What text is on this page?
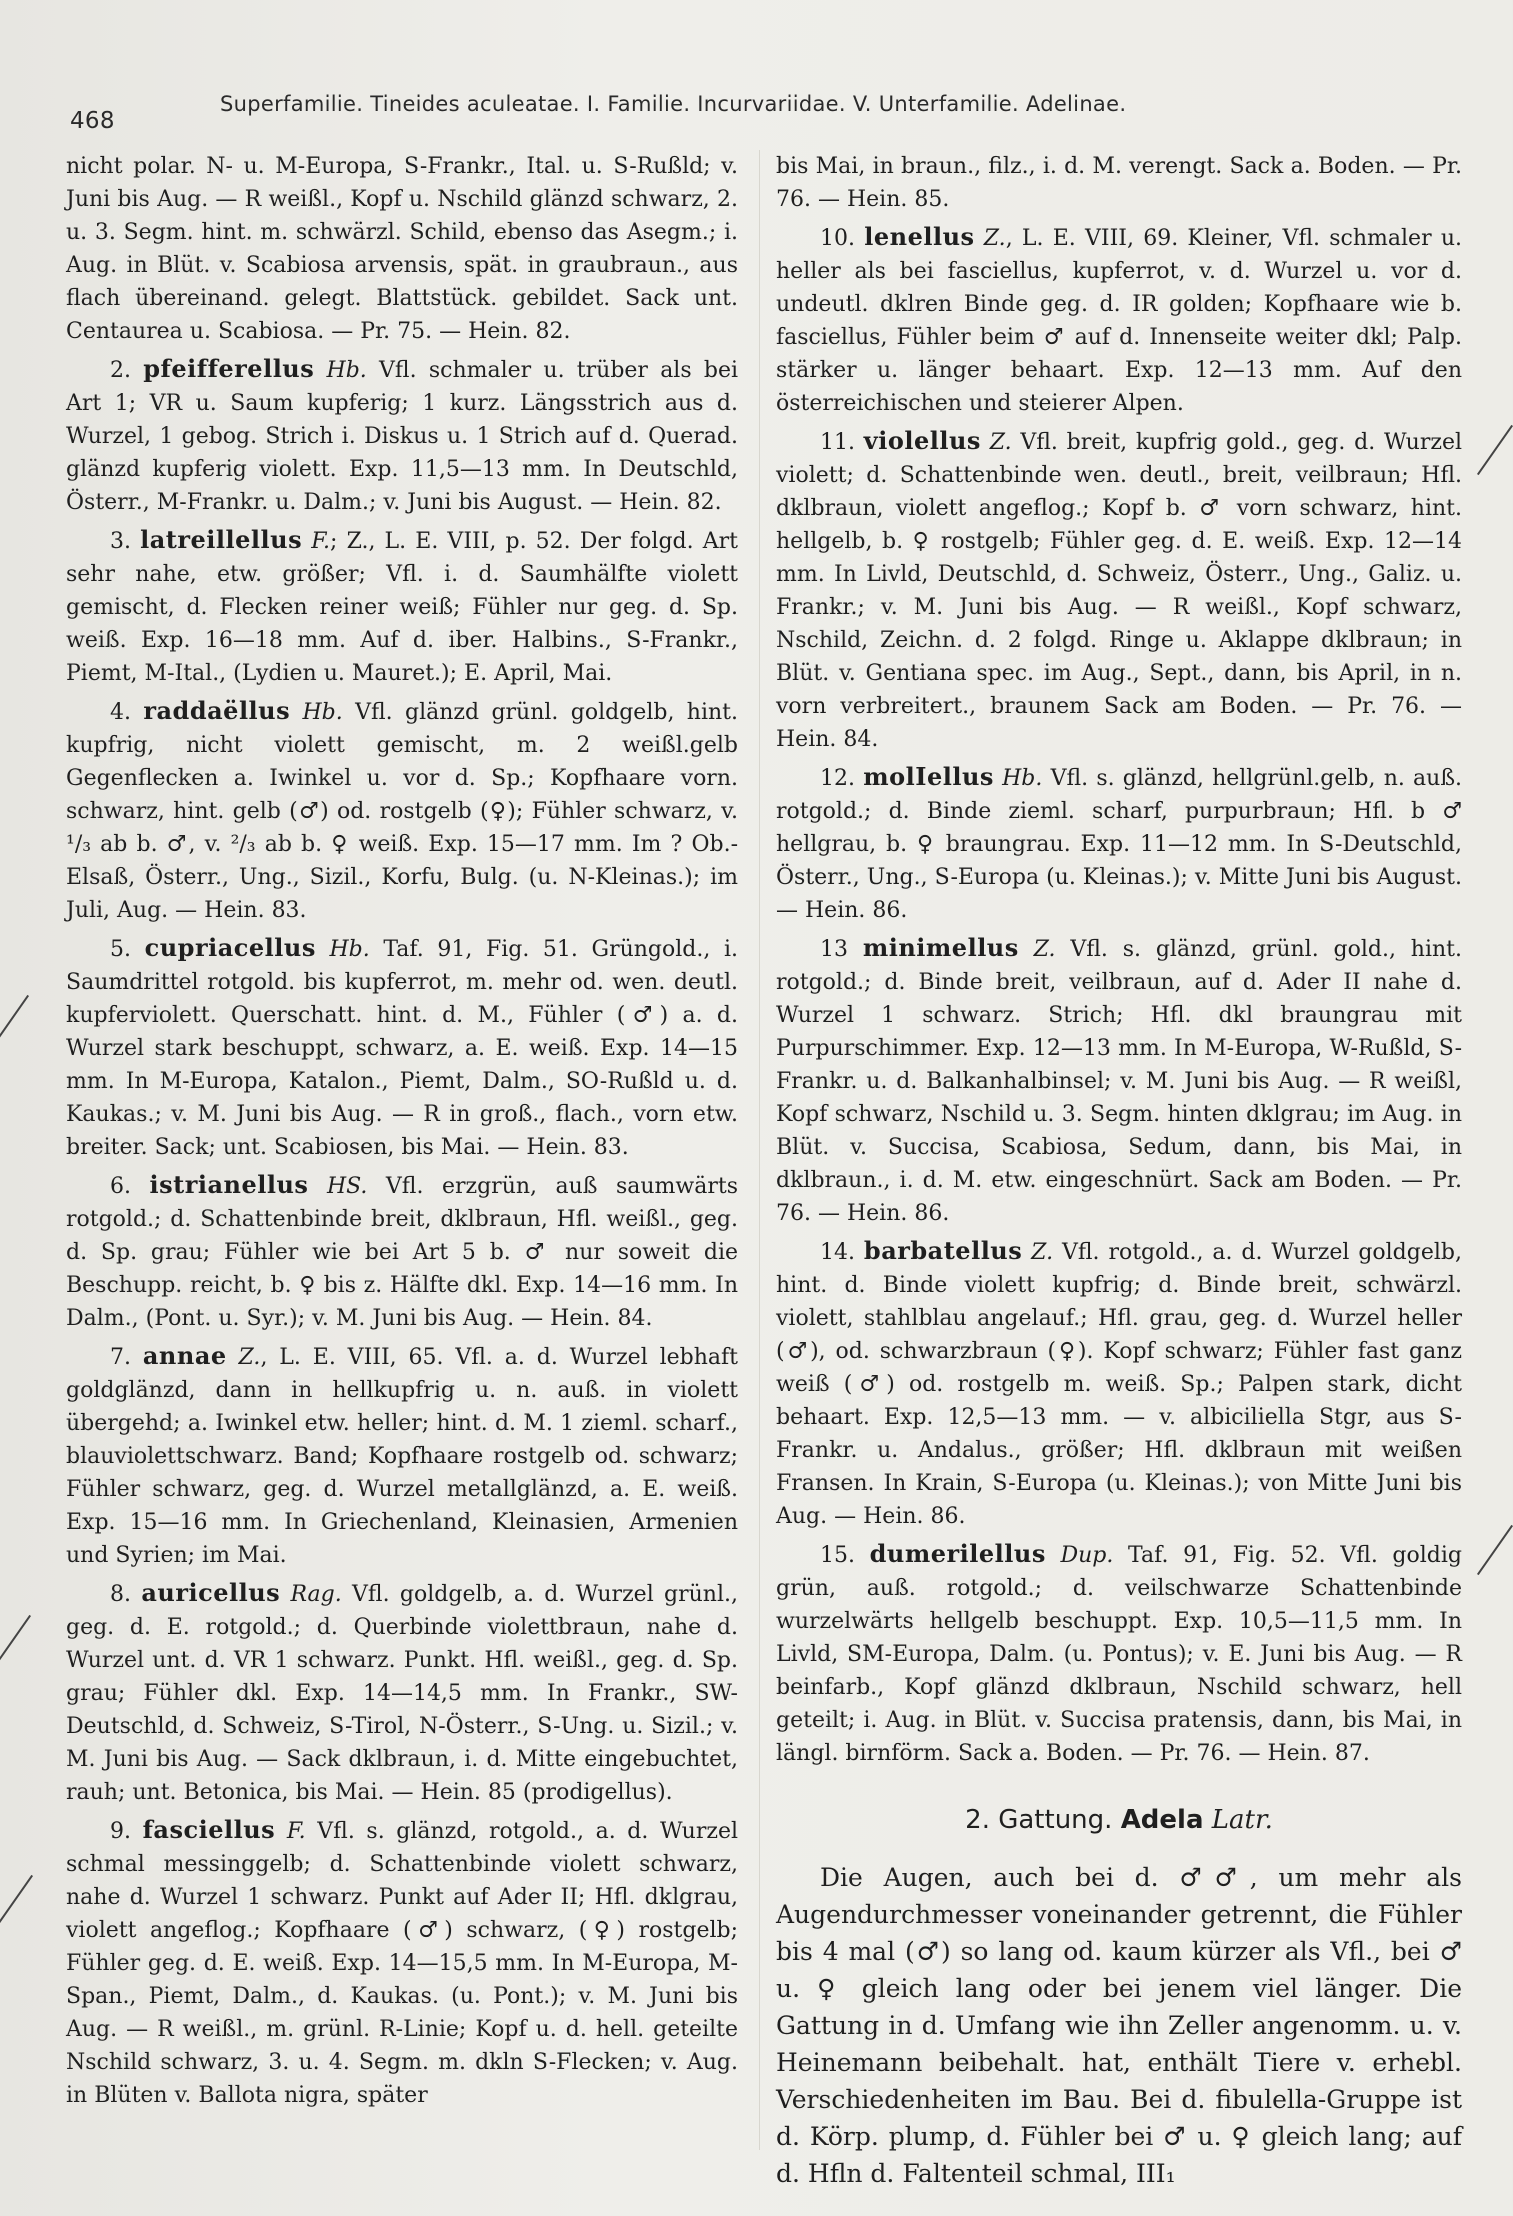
468
Superfamilie. Tineides aculeatae. I. Familie. Incurvariidae. V. Unterfamilie. Adelinae.

nicht polar. N- u. M-Europa, S-Frankr., Ital. u. S-Rußld; v. Juni bis Aug. — R weißl., Kopf u. Nschild glänzd schwarz, 2. u. 3. Segm. hint. m. schwärzl. Schild, ebenso das Asegm.; i. Aug. in Blüt. v. Scabiosa arvensis, spät. in graubraun., aus flach übereinand. gelegt. Blattstück. gebildet. Sack unt. Centaurea u. Scabiosa. — Pr. 75. — Hein. 82.

2. pfeifferellus Hb. Vfl. schmaler u. trüber als bei Art 1; VR u. Saum kupferig; 1 kurz. Längsstrich aus d. Wurzel, 1 gebog. Strich i. Diskus u. 1 Strich auf d. Querad. glänzd kupferig violett. Exp. 11,5—13 mm. In Deutschld, Österr., M-Frankr. u. Dalm.; v. Juni bis August. — Hein. 82.

3. latreillellus F.; Z., L. E. VIII, p. 52. Der folgd. Art sehr nahe, etw. größer; Vfl. i. d. Saumhälfte violett gemischt, d. Flecken reiner weiß; Fühler nur geg. d. Sp. weiß. Exp. 16—18 mm. Auf d. iber. Halbins., S-Frankr., Piemt, M-Ital., (Lydien u. Mauret.); E. April, Mai.

4. raddaëllus Hb. Vfl. glänzd grünl. goldgelb, hint. kupfrig, nicht violett gemischt, m. 2 weißl.gelb Gegenflecken a. Iwinkel u. vor d. Sp.; Kopfhaare vorn. schwarz, hint. gelb (♂) od. rostgelb (♀); Fühler schwarz, v. ¹/₃ ab b. ♂, v. ²/₃ ab b. ♀ weiß. Exp. 15—17 mm. Im ? Ob.-Elsaß, Österr., Ung., Sizil., Korfu, Bulg. (u. N-Kleinas.); im Juli, Aug. — Hein. 83.

5. cupriacellus Hb. Taf. 91, Fig. 51. Grüngold., i. Saumdrittel rotgold. bis kupferrot, m. mehr od. wen. deutl. kupferviolett. Querschatt. hint. d. M., Fühler (♂) a. d. Wurzel stark beschuppt, schwarz, a. E. weiß. Exp. 14—15 mm. In M-Europa, Katalon., Piemt, Dalm., SO-Rußld u. d. Kaukas.; v. M. Juni bis Aug. — R in groß., flach., vorn etw. breiter. Sack; unt. Scabiosen, bis Mai. — Hein. 83.

6. istrianellus HS. Vfl. erzgrün, auß saumwärts rotgold.; d. Schattenbinde breit, dklbraun, Hfl. weißl., geg. d. Sp. grau; Fühler wie bei Art 5 b. ♂ nur soweit die Beschupp. reicht, b. ♀ bis z. Hälfte dkl. Exp. 14—16 mm. In Dalm., (Pont. u. Syr.); v. M. Juni bis Aug. — Hein. 84.

7. annae Z., L. E. VIII, 65. Vfl. a. d. Wurzel lebhaft goldglänzd, dann in hellkupfrig u. n. auß. in violett übergehd; a. Iwinkel etw. heller; hint. d. M. 1 zieml. scharf., blauviolettschwarz. Band; Kopfhaare rostgelb od. schwarz; Fühler schwarz, geg. d. Wurzel metallglänzd, a. E. weiß. Exp. 15—16 mm. In Griechenland, Kleinasien, Armenien und Syrien; im Mai.

8. auricellus Rag. Vfl. goldgelb, a. d. Wurzel grünl., geg. d. E. rotgold.; d. Querbinde violettbraun, nahe d. Wurzel unt. d. VR 1 schwarz. Punkt. Hfl. weißl., geg. d. Sp. grau; Fühler dkl. Exp. 14—14,5 mm. In Frankr., SW-Deutschld, d. Schweiz, S-Tirol, N-Österr., S-Ung. u. Sizil.; v. M. Juni bis Aug. — Sack dklbraun, i. d. Mitte eingebuchtet, rauh; unt. Betonica, bis Mai. — Hein. 85 (prodigellus).

9. fasciellus F. Vfl. s. glänzd, rotgold., a. d. Wurzel schmal messinggelb; d. Schattenbinde violett schwarz, nahe d. Wurzel 1 schwarz. Punkt auf Ader II; Hfl. dklgrau, violett angeflog.; Kopfhaare (♂) schwarz, (♀) rostgelb; Fühler geg. d. E. weiß. Exp. 14—15,5 mm. In M-Europa, M-Span., Piemt, Dalm., d. Kaukas. (u. Pont.); v. M. Juni bis Aug. — R weißl., m. grünl. R-Linie; Kopf u. d. hell. geteilte Nschild schwarz, 3. u. 4. Segm. m. dkln S-Flecken; v. Aug. in Blüten v. Ballota nigra, später

bis Mai, in braun., filz., i. d. M. verengt. Sack a. Boden. — Pr. 76. — Hein. 85.

10. lenellus Z., L. E. VIII, 69. Kleiner, Vfl. schmaler u. heller als bei fasciellus, kupferrot, v. d. Wurzel u. vor d. undeutl. dklren Binde geg. d. IR golden; Kopfhaare wie b. fasciellus, Fühler beim ♂ auf d. Innenseite weiter dkl; Palp. stärker u. länger behaart. Exp. 12—13 mm. Auf den österreichischen und steierer Alpen.

11. violellus Z. Vfl. breit, kupfrig gold., geg. d. Wurzel violett; d. Schattenbinde wen. deutl., breit, veilbraun; Hfl. dklbraun, violett angeflog.; Kopf b. ♂ vorn schwarz, hint. hellgelb, b. ♀ rostgelb; Fühler geg. d. E. weiß. Exp. 12—14 mm. In Livld, Deutschld, d. Schweiz, Österr., Ung., Galiz. u. Frankr.; v. M. Juni bis Aug. — R weißl., Kopf schwarz, Nschild, Zeichn. d. 2 folgd. Ringe u. Aklappe dklbraun; in Blüt. v. Gentiana spec. im Aug., Sept., dann, bis April, in n. vorn verbreitert., braunem Sack am Boden. — Pr. 76. — Hein. 84.

12. molIellus Hb. Vfl. s. glänzd, hellgrünl.gelb, n. auß. rotgold.; d. Binde zieml. scharf, purpurbraun; Hfl. b ♂ hellgrau, b. ♀ braungrau. Exp. 11—12 mm. In S-Deutschld, Österr., Ung., S-Europa (u. Kleinas.); v. Mitte Juni bis August. — Hein. 86.

13 minimellus Z. Vfl. s. glänzd, grünl. gold., hint. rotgold.; d. Binde breit, veilbraun, auf d. Ader II nahe d. Wurzel 1 schwarz. Strich; Hfl. dkl braungrau mit Purpurschimmer. Exp. 12—13 mm. In M-Europa, W-Rußld, S-Frankr. u. d. Balkanhalbinsel; v. M. Juni bis Aug. — R weißl, Kopf schwarz, Nschild u. 3. Segm. hinten dklgrau; im Aug. in Blüt. v. Succisa, Scabiosa, Sedum, dann, bis Mai, in dklbraun., i. d. M. etw. eingeschnürt. Sack am Boden. — Pr. 76. — Hein. 86.

14. barbatellus Z. Vfl. rotgold., a. d. Wurzel goldgelb, hint. d. Binde violett kupfrig; d. Binde breit, schwärzl. violett, stahlblau angelauf.; Hfl. grau, geg. d. Wurzel heller (♂), od. schwarzbraun (♀). Kopf schwarz; Fühler fast ganz weiß (♂) od. rostgelb m. weiß. Sp.; Palpen stark, dicht behaart. Exp. 12,5—13 mm. — v. albiciliella Stgr, aus S-Frankr. u. Andalus., größer; Hfl. dklbraun mit weißen Fransen. In Krain, S-Europa (u. Kleinas.); von Mitte Juni bis Aug. — Hein. 86.

15. dumerilellus Dup. Taf. 91, Fig. 52. Vfl. goldig grün, auß. rotgold.; d. veilschwarze Schattenbinde wurzelwärts hellgelb beschuppt. Exp. 10,5—11,5 mm. In Livld, SM-Europa, Dalm. (u. Pontus); v. E. Juni bis Aug. — R beinfarb., Kopf glänzd dklbraun, Nschild schwarz, hell geteilt; i. Aug. in Blüt. v. Succisa pratensis, dann, bis Mai, in längl. birnförm. Sack a. Boden. — Pr. 76. — Hein. 87.

2. Gattung. Adela Latr.

Die Augen, auch bei d. ♂♂, um mehr als Augendurchmesser voneinander getrennt, die Fühler bis 4 mal (♂) so lang od. kaum kürzer als Vfl., bei ♂ u. ♀ gleich lang oder bei jenem viel länger. Die Gattung in d. Umfang wie ihn Zeller angenomm. u. v. Heinemann beibehalt. hat, enthält Tiere v. erhebl. Verschiedenheiten im Bau. Bei d. fibulella-Gruppe ist d. Körp. plump, d. Fühler bei ♂ u. ♀ gleich lang; auf d. Hfln d. Faltenteil schmal, III₁
